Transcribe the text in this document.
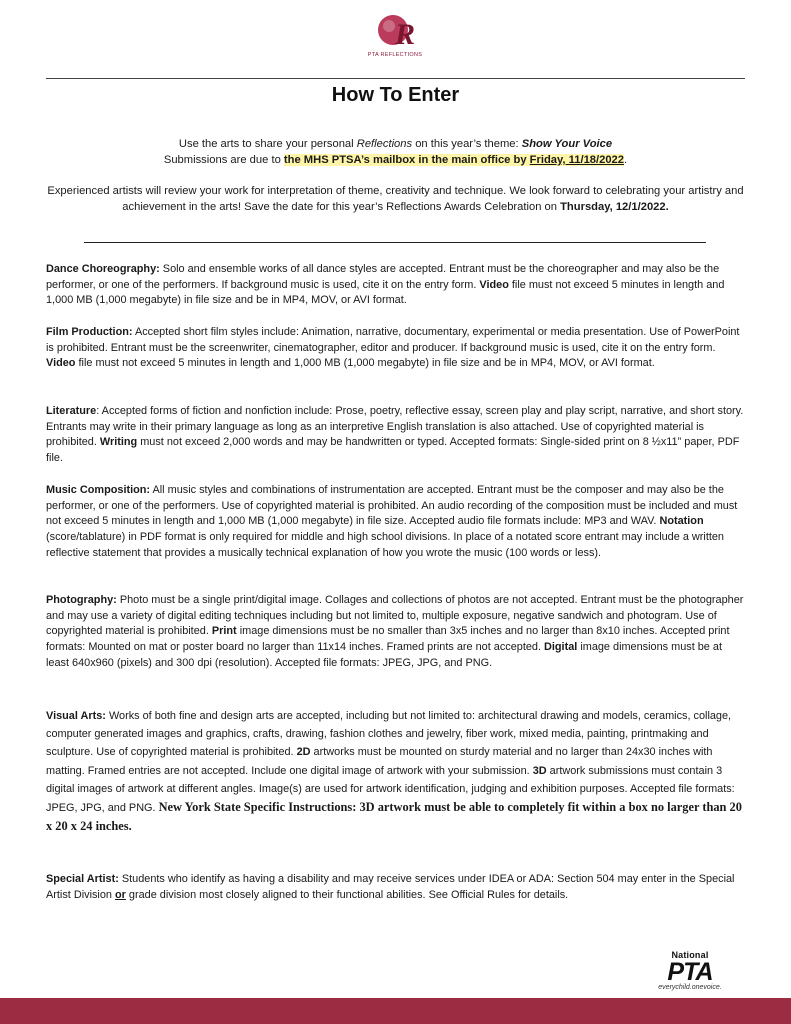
R
PTA REFLECTIONS
How To Enter

Use the arts to share your personal Reflections on this year’s theme: Show Your Voice

Submissions are due to the MHS PTSA’s mailbox in the main office by Friday, 11/18/2022.

Experienced artists will review your work for interpretation of theme, creativity and technique. We look forward to celebrating your artistry and achievement in the arts! Save the date for this year’s Reflections Awards Celebration on Thursday, 12/1/2022.

Dance Choreography: Solo and ensemble works of all dance styles are accepted. Entrant must be the choreographer and may also be the performer, or one of the performers. If background music is used, cite it on the entry form. Video file must not exceed 5 minutes in length and 1,000 MB (1,000 megabyte) in file size and be in MP4, MOV, or AVI format.

Film Production: Accepted short film styles include: Animation, narrative, documentary, experimental or media presentation. Use of PowerPoint is prohibited. Entrant must be the screenwriter, cinematographer, editor and producer. If background music is used, cite it on the entry form. Video file must not exceed 5 minutes in length and 1,000 MB (1,000 megabyte) in file size and be in MP4, MOV, or AVI format.

Literature: Accepted forms of fiction and nonfiction include: Prose, poetry, reflective essay, screen play and play script, narrative, and short story. Entrants may write in their primary language as long as an interpretive English translation is also attached. Use of copyrighted material is prohibited. Writing must not exceed 2,000 words and may be handwritten or typed. Accepted formats: Single-sided print on 8 ½x11” paper, PDF file.

Music Composition: All music styles and combinations of instrumentation are accepted. Entrant must be the composer and may also be the performer, or one of the performers. Use of copyrighted material is prohibited. An audio recording of the composition must be included and must not exceed 5 minutes in length and 1,000 MB (1,000 megabyte) in file size. Accepted audio file formats include: MP3 and WAV. Notation (score/tablature) in PDF format is only required for middle and high school divisions. In place of a notated score entrant may include a written reflective statement that provides a musically technical explanation of how you wrote the music (100 words or less).

Photography: Photo must be a single print/digital image. Collages and collections of photos are not accepted. Entrant must be the photographer and may use a variety of digital editing techniques including but not limited to, multiple exposure, negative sandwich and photogram. Use of copyrighted material is prohibited. Print image dimensions must be no smaller than 3x5 inches and no larger than 8x10 inches. Accepted print formats: Mounted on mat or poster board no larger than 11x14 inches. Framed prints are not accepted. Digital image dimensions must be at least 640x960 (pixels) and 300 dpi (resolution). Accepted file formats: JPEG, JPG, and PNG.

Visual Arts: Works of both fine and design arts are accepted, including but not limited to: architectural drawing and models, ceramics, collage, computer generated images and graphics, crafts, drawing, fashion clothes and jewelry, fiber work, mixed media, painting, printmaking and sculpture. Use of copyrighted material is prohibited. 2D artworks must be mounted on sturdy material and no larger than 24x30 inches with matting. Framed entries are not accepted. Include one digital image of artwork with your submission. 3D artwork submissions must contain 3 digital images of artwork at different angles. Image(s) are used for artwork identification, judging and exhibition purposes. Accepted file formats: JPEG, JPG, and PNG. New York State Specific Instructions: 3D artwork must be able to completely fit within a box no larger than 20 x 20 x 24 inches.

Special Artist: Students who identify as having a disability and may receive services under IDEA or ADA: Section 504 may enter in the Special Artist Division or grade division most closely aligned to their functional abilities. See Official Rules for details.

National
PTA
everychild.onevoice.
